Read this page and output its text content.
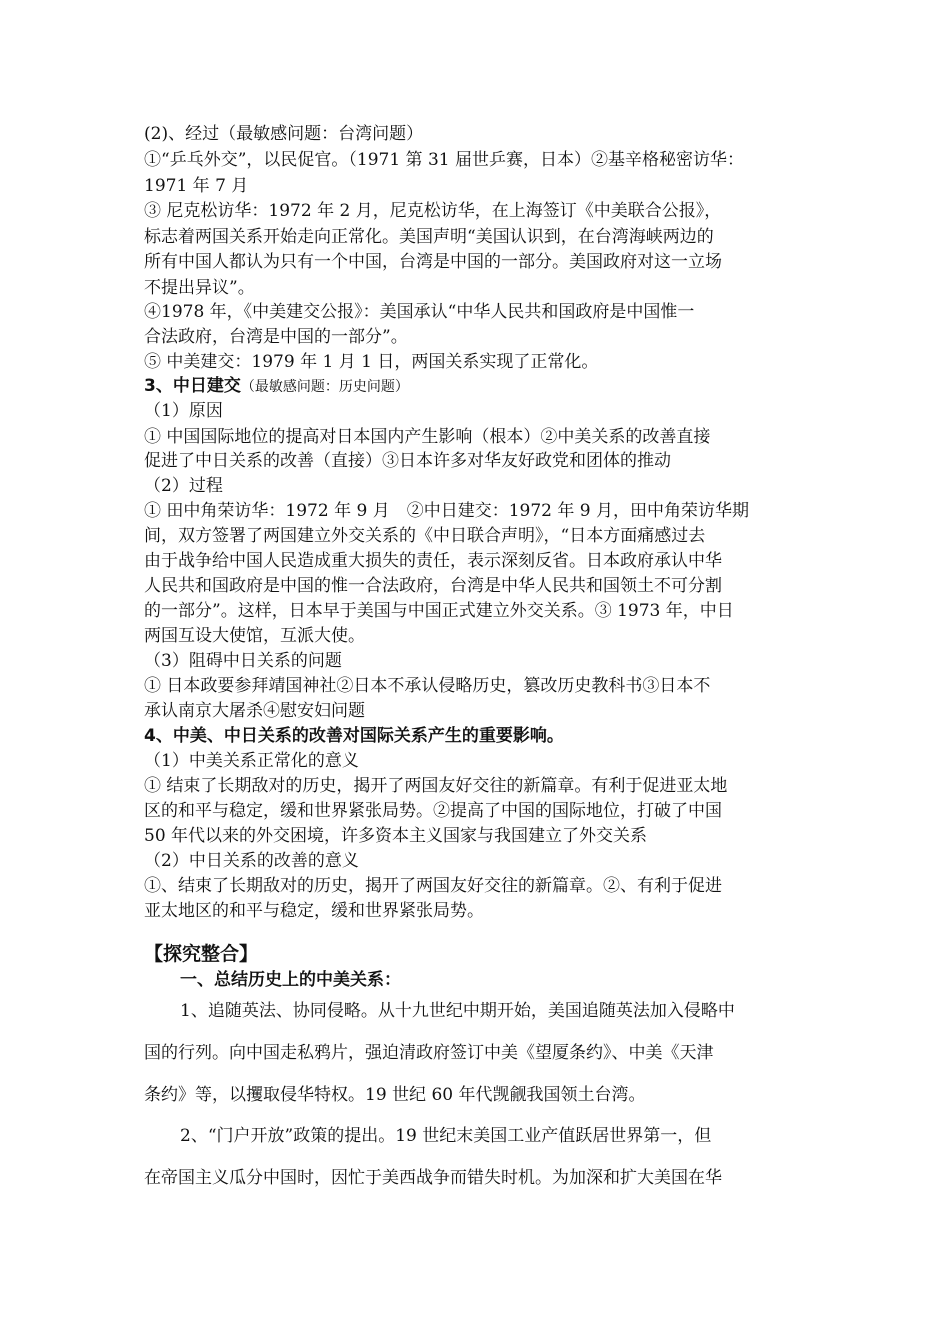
(2)、经过（最敏感问题：台湾问题）
①“乒乓外交”，以民促官。（1971 第 31 届世乒赛，日本）②基辛格秘密访华：
1971 年 7 月
③ 尼克松访华：1972 年 2 月，尼克松访华，在上海签订《中美联合公报》，
标志着两国关系开始走向正常化。美国声明“美国认识到，在台湾海峡两边的
所有中国人都认为只有一个中国，台湾是中国的一部分。美国政府对这一立场
不提出异议”。
④1978 年，《中美建交公报》：美国承认“中华人民共和国政府是中国惟一
合法政府，台湾是中国的一部分”。
⑤ 中美建交：1979 年 1 月 1 日，两国关系实现了正常化。
3、中日建交（最敏感问题：历史问题）
（1）原因
① 中国国际地位的提高对日本国内产生影响（根本）②中美关系的改善直接
促进了中日关系的改善（直接）③日本许多对华友好政党和团体的推动
（2）过程
① 田中角荣访华：1972 年 9 月　②中日建交：1972 年 9 月，田中角荣访华期
间，双方签署了两国建立外交关系的《中日联合声明》，“日本方面痛感过去
由于战争给中国人民造成重大损失的责任，表示深刻反省。日本政府承认中华
人民共和国政府是中国的惟一合法政府，台湾是中华人民共和国领土不可分割
的一部分”。这样，日本早于美国与中国正式建立外交关系。③ 1973 年，中日
两国互设大使馆，互派大使。
（3）阻碍中日关系的问题
① 日本政要参拜靖国神社②日本不承认侵略历史，篡改历史教科书③日本不
承认南京大屠杀④慰安妇问题
4、中美、中日关系的改善对国际关系产生的重要影响。
（1）中美关系正常化的意义
① 结束了长期敌对的历史，揭开了两国友好交往的新篇章。有利于促进亚太地
区的和平与稳定，缓和世界紧张局势。②提高了中国的国际地位，打破了中国
50 年代以来的外交困境，许多资本主义国家与我国建立了外交关系
（2）中日关系的改善的意义
①、结束了长期敌对的历史，揭开了两国友好交往的新篇章。②、有利于促进
亚太地区的和平与稳定，缓和世界紧张局势。
【探究整合】
一、总结历史上的中美关系：
1、追随英法、协同侵略。从十九世纪中期开始，美国追随英法加入侵略中
国的行列。向中国走私鸦片，强迫清政府签订中美《望厦条约》、中美《天津
条约》等，以攫取侵华特权。19 世纪 60 年代觊觎我国领土台湾。
2、“门户开放”政策的提出。19 世纪末美国工业产值跃居世界第一，但
在帝国主义瓜分中国时，因忙于美西战争而错失时机。为加深和扩大美国在华
